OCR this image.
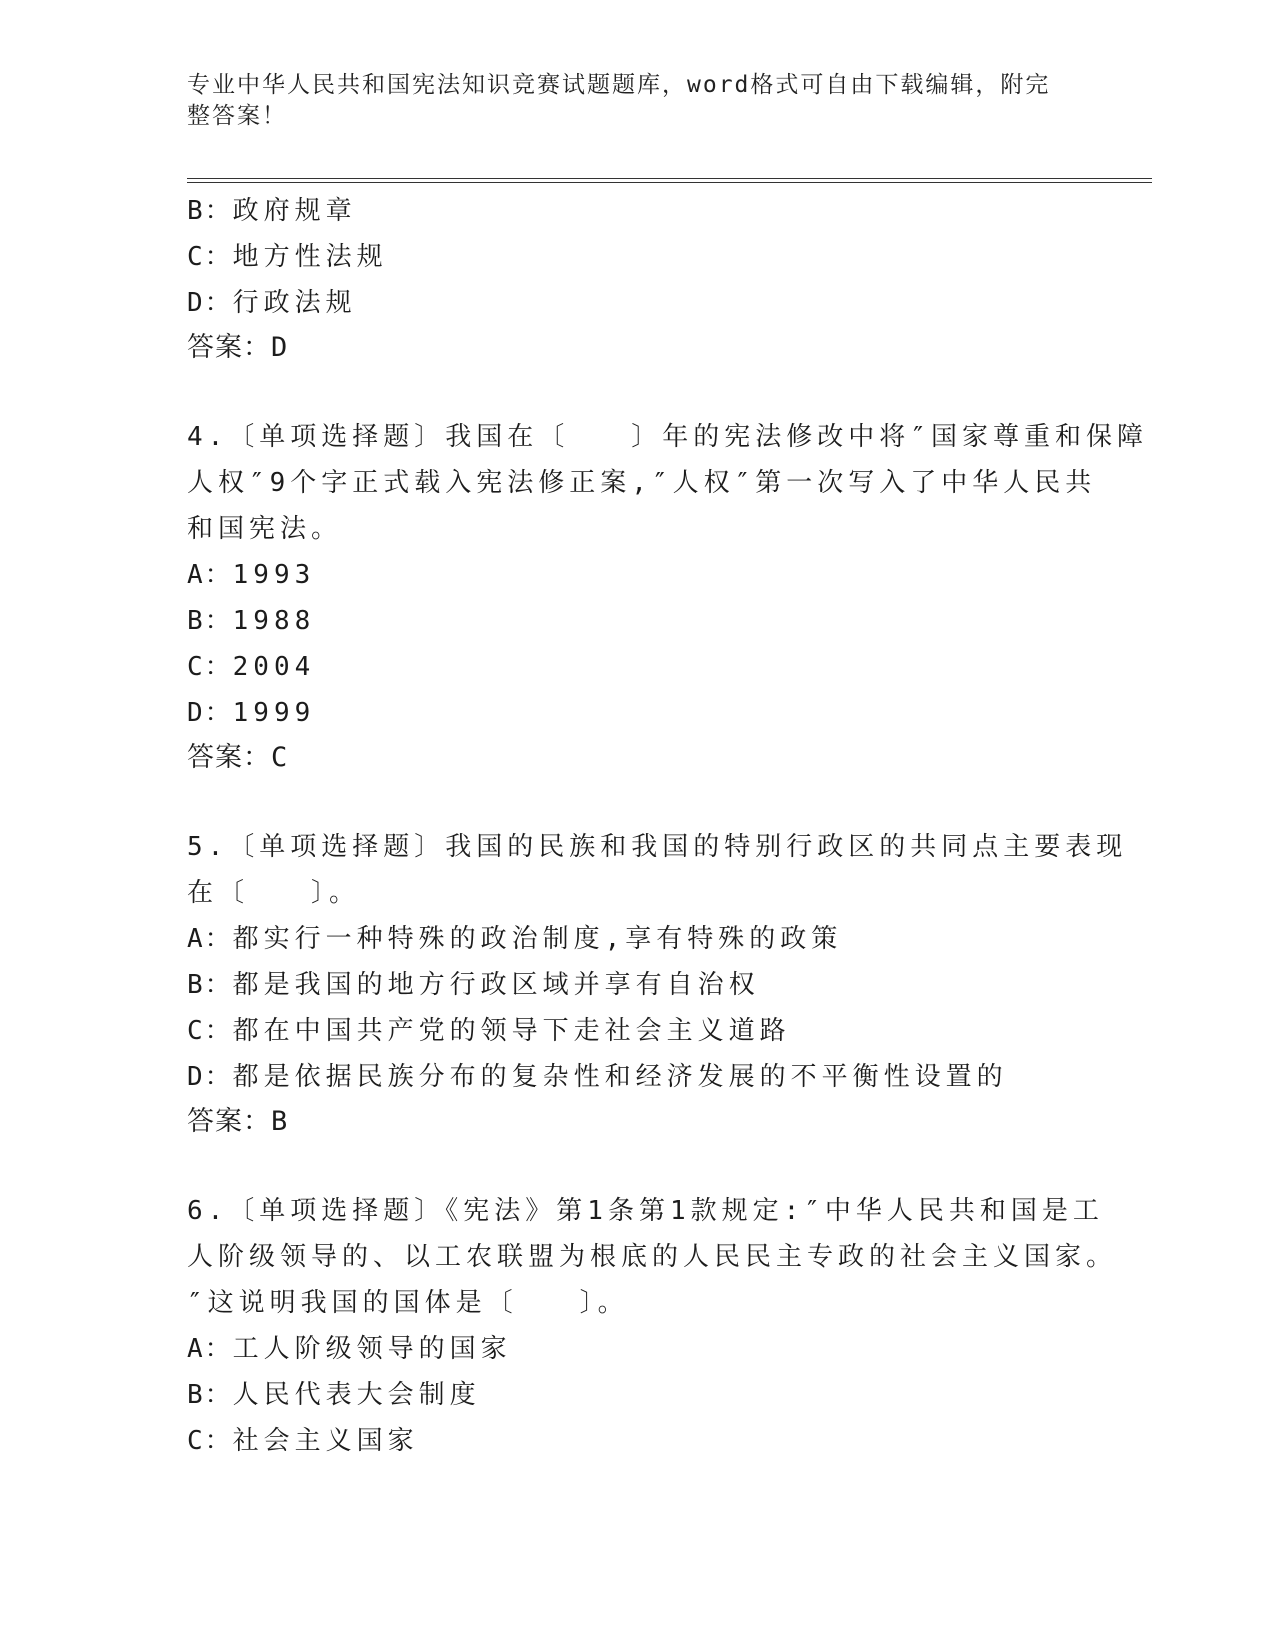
专业中华人民共和国宪法知识竞赛试题题库，word格式可自由下载编辑，附完整答案！
B：政府规章
C：地方性法规
D：行政法规
答案：D
4.〔单项选择题〕我国在〔　　〕年的宪法修改中将″国家尊重和保障
人权″9个字正式载入宪法修正案,″人权″第一次写入了中华人民共
和国宪法。
A：1993
B：1988
C：2004
D：1999
答案：C
5.〔单项选择题〕我国的民族和我国的特别行政区的共同点主要表现
在〔　　〕。
A：都实行一种特殊的政治制度,享有特殊的政策
B：都是我国的地方行政区域并享有自治权
C：都在中国共产党的领导下走社会主义道路
D：都是依据民族分布的复杂性和经济发展的不平衡性设置的
答案：B
6.〔单项选择题〕《宪法》第1条第1款规定:″中华人民共和国是工
人阶级领导的、以工农联盟为根底的人民民主专政的社会主义国家。
″这说明我国的国体是〔　　〕。
A：工人阶级领导的国家
B：人民代表大会制度
C：社会主义国家
